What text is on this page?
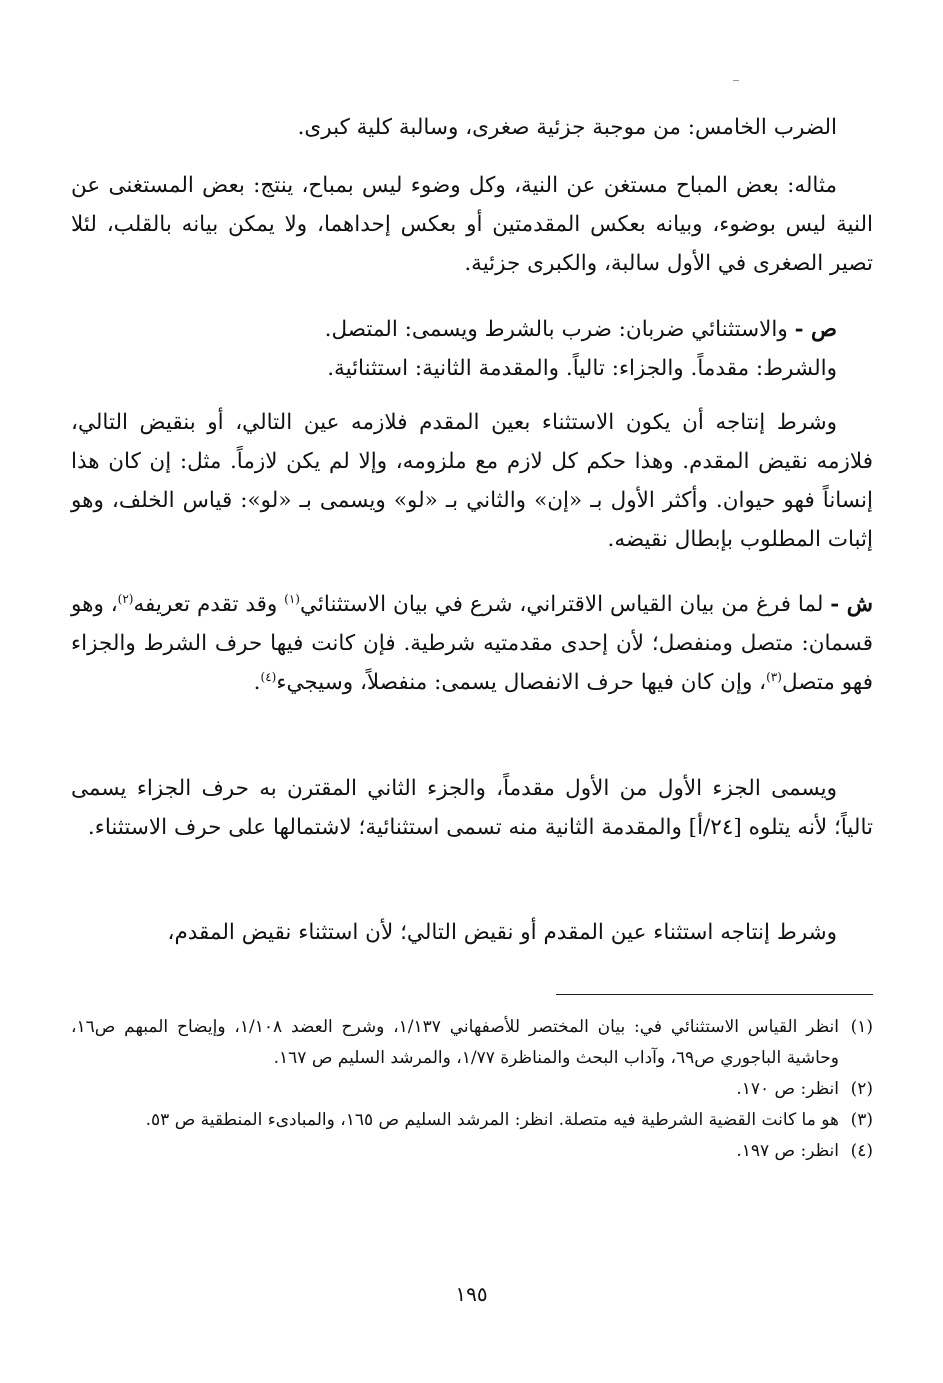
الضرب الخامس: من موجبة جزئية صغرى، وسالبة كلية كبرى.
مثاله: بعض المباح مستغن عن النية، وكل وضوء ليس بمباح، ينتج: بعض المستغنى عن النية ليس بوضوء، وبيانه بعكس المقدمتين أو بعكس إحداهما، ولا يمكن بيانه بالقلب، لئلا تصير الصغرى في الأول سالبة، والكبرى جزئية.
ص - والاستثنائي ضربان: ضرب بالشرط ويسمى: المتصل.
والشرط: مقدماً. والجزاء: تالياً. والمقدمة الثانية: استثنائية.
وشرط إنتاجه أن يكون الاستثناء بعين المقدم فلازمه عين التالي، أو بنقيض التالي، فلازمه نقيض المقدم. وهذا حكم كل لازم مع ملزومه، وإلا لم يكن لازماً. مثل: إن كان هذا إنساناً فهو حيوان. وأكثر الأول بـ «إن» والثاني بـ «لو» ويسمى بـ «لو»: قياس الخلف، وهو إثبات المطلوب بإبطال نقيضه.
ش - لما فرغ من بيان القياس الاقتراني، شرع في بيان الاستثنائي$^{(١)}$ وقد تقدم تعريفه$^{(٢)}$، وهو قسمان: متصل ومنفصل؛ لأن إحدى مقدمتيه شرطية. فإن كانت فيها حرف الشرط والجزاء فهو متصل$^{(٣)}$، وإن كان فيها حرف الانفصال يسمى: منفصلاً، وسيجيء$^{(٤)}$.
ويسمى الجزء الأول من الأول مقدماً، والجزء الثاني المقترن به حرف الجزاء يسمى تالياً؛ لأنه يتلوه [٢٤/أ] والمقدمة الثانية منه تسمى استثنائية؛ لاشتمالها على حرف الاستثناء.
وشرط إنتاجه استثناء عين المقدم أو نقيض التالي؛ لأن استثناء نقيض المقدم،
(١)
انظر القياس الاستثنائي في: بيان المختصر للأصفهاني ١/١٣٧، وشرح العضد ١/١٠٨، وإيضاح المبهم ص١٦، وحاشية الباجوري ص٦٩، وآداب البحث والمناظرة ١/٧٧، والمرشد السليم ص ١٦٧.
(٢)
انظر: ص ١٧٠.
(٣)
هو ما كانت القضية الشرطية فيه متصلة. انظر: المرشد السليم ص ١٦٥، والمبادىء المنطقية ص ٥٣.
(٤)
انظر: ص ١٩٧.
١٩٥
